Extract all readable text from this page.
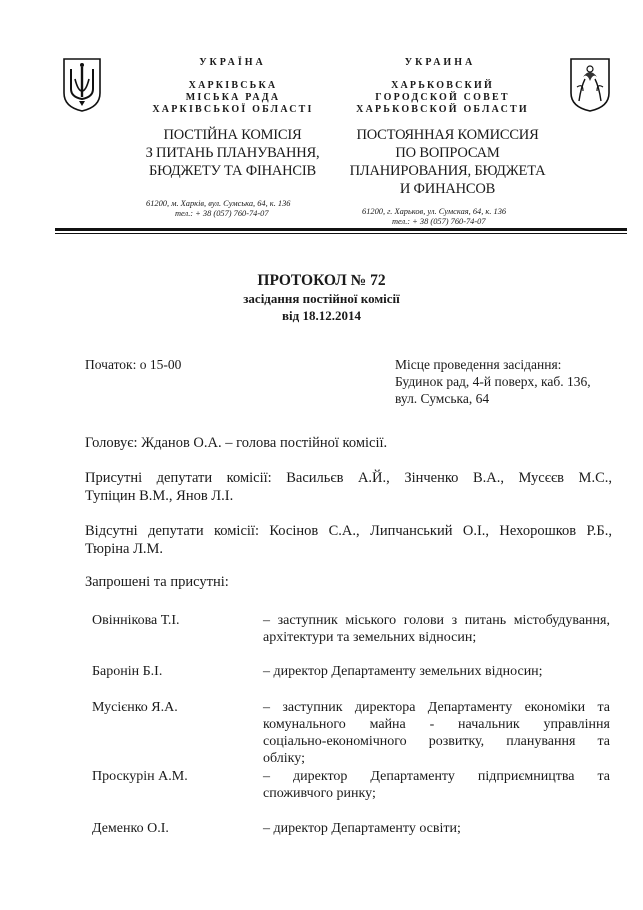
УКРАЇНА
ХАРКІВСЬКА
МІСЬКА РАДА
ХАРКІВСЬКОЇ ОБЛАСТІ
ПОСТІЙНА КОМІСІЯ
З ПИТАНЬ ПЛАНУВАННЯ,
БЮДЖЕТУ ТА ФІНАНСІВ
61200, м. Харків, вул. Сумська, 64, к. 136
тел.: + 38 (057) 760-74-07
УКРАИНА
ХАРЬКОВСКИЙ
ГОРОДСКОЙ СОВЕТ
ХАРЬКОВСКОЙ ОБЛАСТИ
ПОСТОЯННАЯ КОМИССИЯ
ПО ВОПРОСАМ
ПЛАНИРОВАНИЯ, БЮДЖЕТА
И ФИНАНСОВ
61200, г. Харьков, ул. Сумская, 64, к. 136
тел.: + 38 (057) 760-74-07
ПРОТОКОЛ № 72
засідання постійної комісії
від 18.12.2014
Початок: о 15-00	Місце проведення засідання:
Будинок рад, 4-й поверх, каб. 136,
вул. Сумська, 64
Головує: Жданов О.А. – голова постійної комісії.
Присутні депутати комісії: Васильєв А.Й., Зінченко В.А., Мусєєв М.С.,
Тупіцин В.М., Янов Л.І.
Відсутні депутати комісії: Косінов С.А., Липчанський О.І., Нехорошков Р.Б.,
Тюріна Л.М.
Запрошені та присутні:
Овіннікова Т.І.	– заступник міського голови з питань містобудування,
архітектури та земельних відносин;
Баронін Б.І.	– директор Департаменту земельних відносин;
Мусієнко Я.А.	– заступник директора Департаменту економіки та
комунального майна - начальник управління
соціально-економічного розвитку, планування та
обліку;
Проскурін А.М.	– директор Департаменту підприємництва та
споживчого ринку;
Деменко О.І.	– директор Департаменту освіти;
